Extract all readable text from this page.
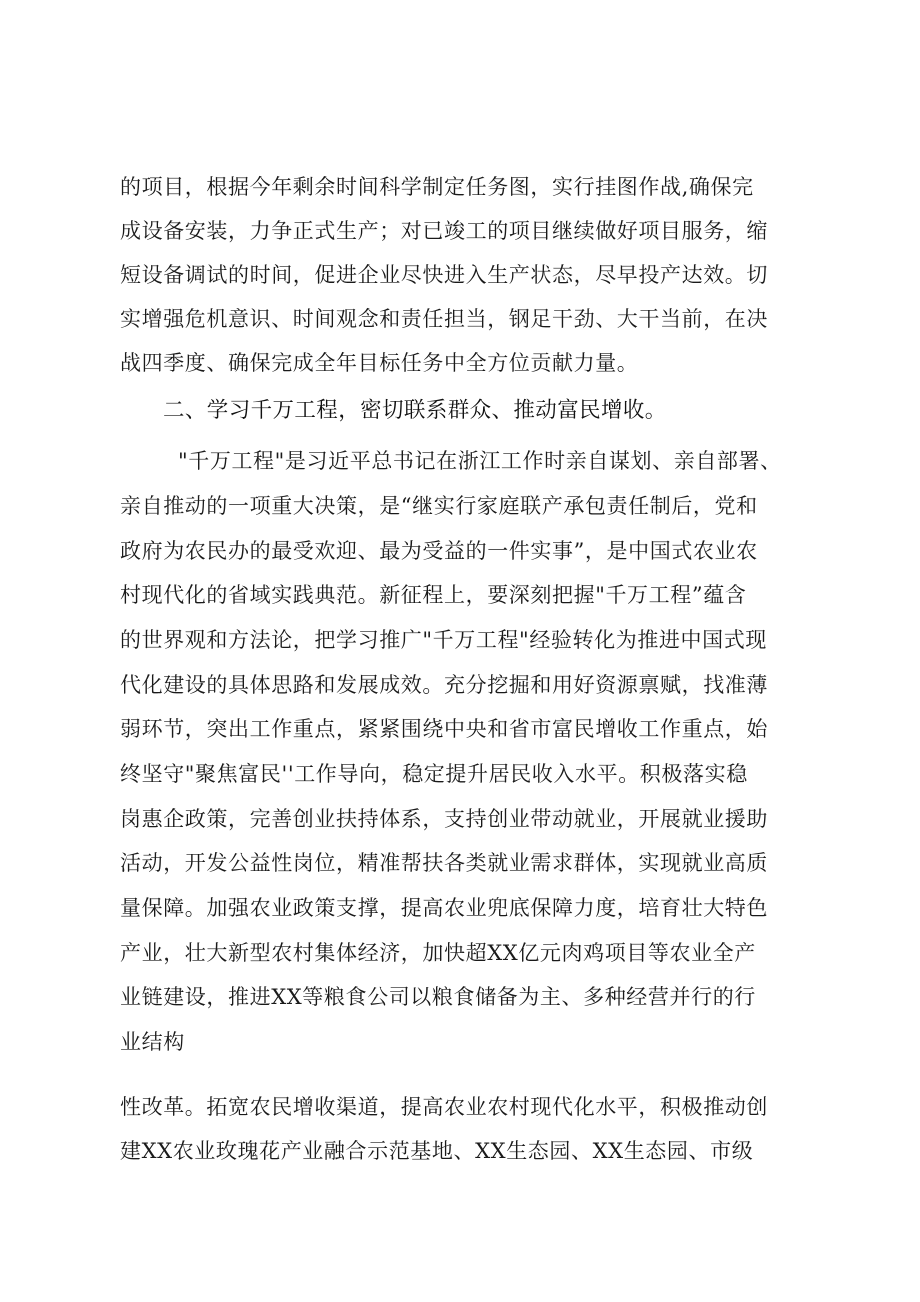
的项目，根据今年剩余时间科学制定任务图，实行挂图作战,确保完
成设备安装，力争正式生产；对已竣工的项目继续做好项目服务，缩
短设备调试的时间，促进企业尽快进入生产状态，尽早投产达效。切
实增强危机意识、时间观念和责任担当，钢足干劲、大干当前，在决
战四季度、确保完成全年目标任务中全方位贡献力量。
二、学习千万工程，密切联系群众、推动富民增收。
"千万工程"是习近平总书记在浙江工作时亲自谋划、亲自部署、
亲自推动的一项重大决策，是“继实行家庭联产承包责任制后，党和
政府为农民办的最受欢迎、最为受益的一件实事”，是中国式农业农
村现代化的省域实践典范。新征程上，要深刻把握"千万工程”蕴含
的世界观和方法论，把学习推广"千万工程"经验转化为推进中国式现
代化建设的具体思路和发展成效。充分挖掘和用好资源禀赋，找准薄
弱环节，突出工作重点，紧紧围绕中央和省市富民增收工作重点，始
终坚守"聚焦富民''工作导向，稳定提升居民收入水平。积极落实稳
岗惠企政策，完善创业扶持体系，支持创业带动就业，开展就业援助
活动，开发公益性岗位，精准帮扶各类就业需求群体，实现就业高质
量保障。加强农业政策支撑，提高农业兜底保障力度，培育壮大特色
产业，壮大新型农村集体经济，加快超XX亿元肉鸡项目等农业全产
业链建设，推进XX等粮食公司以粮食储备为主、多种经营并行的行
业结构
性改革。拓宽农民增收渠道，提高农业农村现代化水平，积极推动创
建XX农业玫瑰花产业融合示范基地、XX生态园、XX生态园、市级
